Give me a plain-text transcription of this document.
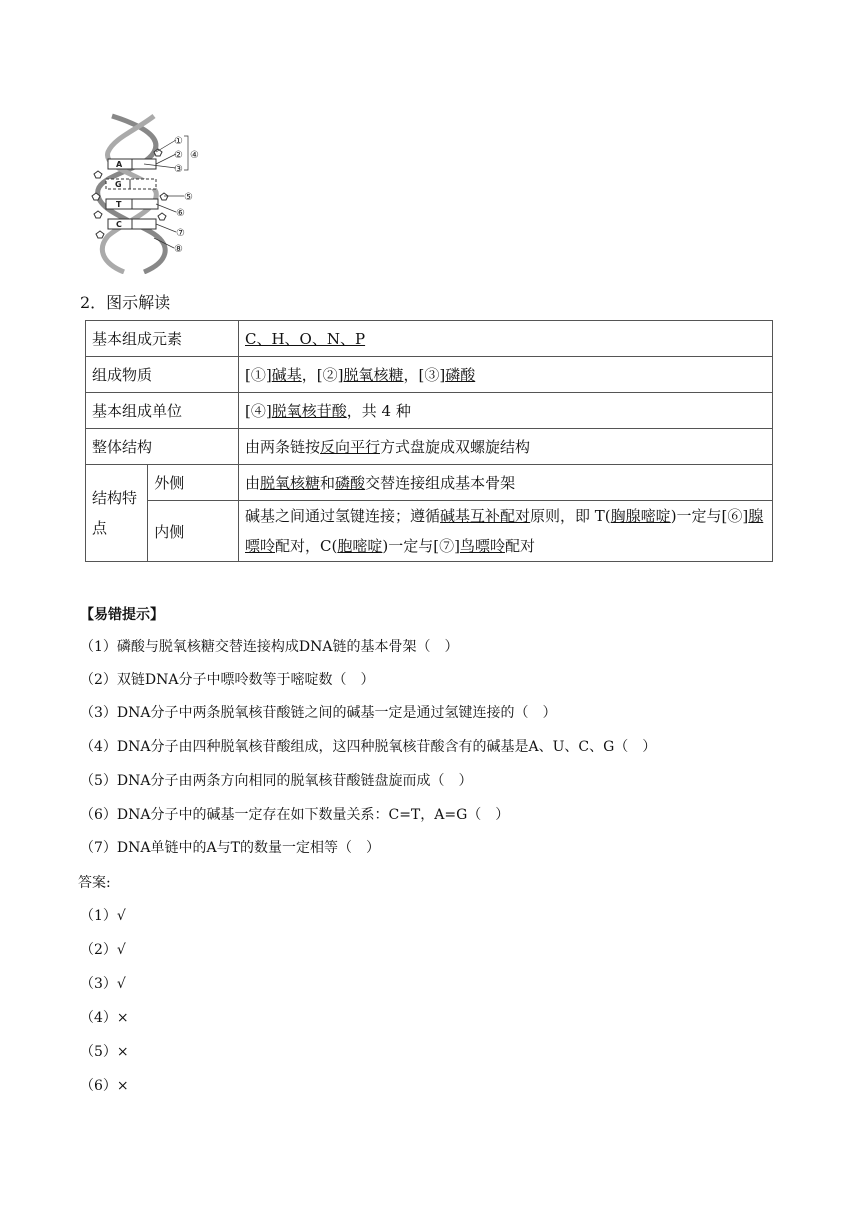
A
G
T
C
①
②
③
④
⑤
⑥
⑦
⑧
2．图示解读
基本组成元素		C、H、O、N、P
组成物质		[①]碱基，[②]脱氧核糖，[③]磷酸
基本组成单位		[④]脱氧核苷酸，共 4 种
整体结构		由两条链按反向平行方式盘旋成双螺旋结构
结构特点	外侧	由脱氧核糖和磷酸交替连接组成基本骨架
	内侧	碱基之间通过氢键连接；遵循碱基互补配对原则，即 T(胸腺嘧啶)一定与[⑥]腺嘌呤配对，C(胞嘧啶)一定与[⑦]鸟嘌呤配对
【易错提示】
（1）磷酸与脱氧核糖交替连接构成DNA链的基本骨架（　）
（2）双链DNA分子中嘌呤数等于嘧啶数（　）
（3）DNA分子中两条脱氧核苷酸链之间的碱基一定是通过氢键连接的（　）
（4）DNA分子由四种脱氧核苷酸组成，这四种脱氧核苷酸含有的碱基是A、U、C、G（　）
（5）DNA分子由两条方向相同的脱氧核苷酸链盘旋而成（　）
（6）DNA分子中的碱基一定存在如下数量关系：C=T，A=G（　）
（7）DNA单链中的A与T的数量一定相等（　）
答案:
（1）√
（2）√
（3）√
（4）×
（5）×
（6）×
